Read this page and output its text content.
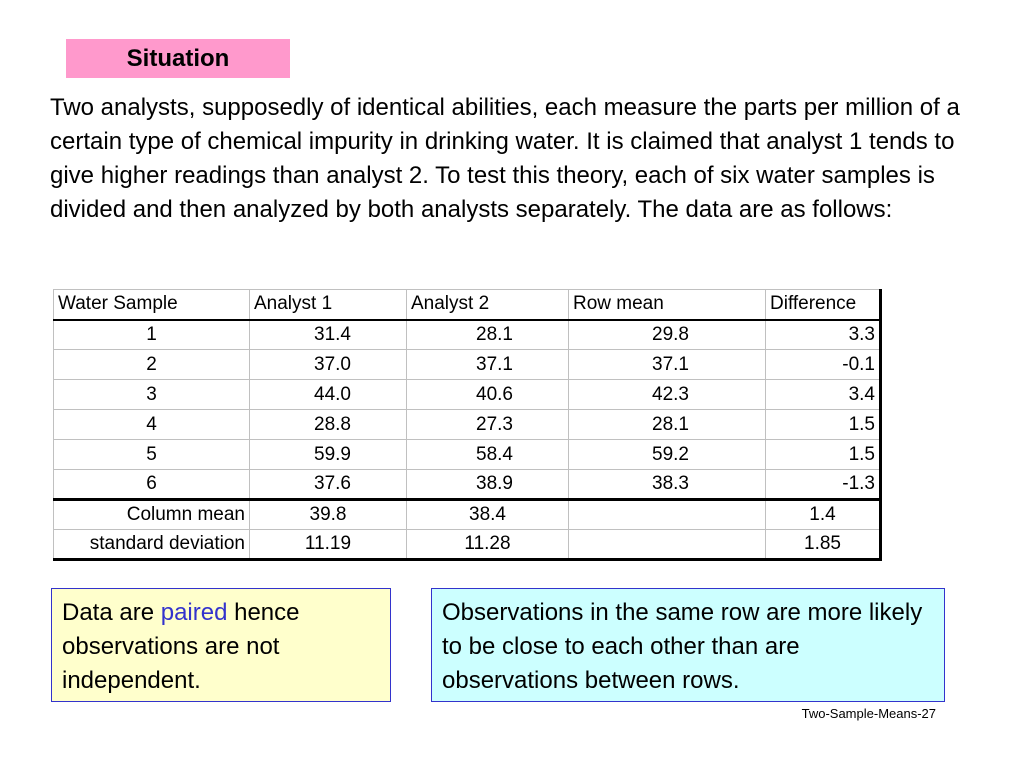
Situation

Two analysts, supposedly of identical abilities, each measure the parts per million of a certain type of chemical impurity in drinking water. It is claimed that analyst 1 tends to give higher readings than analyst 2. To test this theory, each of six water samples is divided and then analyzed by both analysts separately. The data are as follows:

Water Sample	Analyst 1	Analyst 2	Row mean	Difference
1	31.4	28.1	29.8	3.3
2	37.0	37.1	37.1	-0.1
3	44.0	40.6	42.3	3.4
4	28.8	27.3	28.1	1.5
5	59.9	58.4	59.2	1.5
6	37.6	38.9	38.3	-1.3
Column mean	39.8	38.4		1.4
standard deviation	11.19	11.28		1.85
Data are paired hence observations are not independent.
Observations in the same row are more likely to be close to each other than are observations between rows.
Two-Sample-Means-27
